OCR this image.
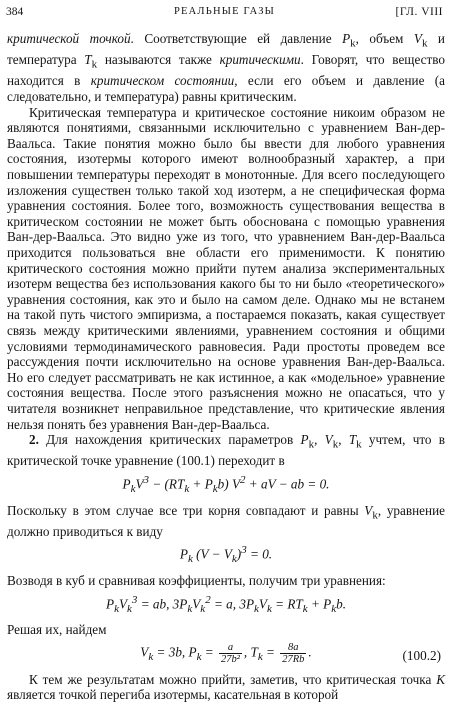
384	РЕАЛЬНЫЕ ГАЗЫ	[ГЛ. VIII

критической точкой. Соответствующие ей давление $P_k$, объем $V_k$ и температура $T_k$ называются также критическими. Говорят, что вещество находится в критическом состоянии, если его объем и давление (а следовательно, и температура) равны критическим.

Критическая температура и критическое состояние никоим образом не являются понятиями, связанными исключительно с уравнением Ван-дер-Ваальса. Такие понятия можно было бы ввести для любого уравнения состояния, изотермы которого имеют волнообразный характер, а при повышении температуры переходят в монотонные. Для всего последующего изложения существен только такой ход изотерм, а не специфическая форма уравнения состояния. Более того, возможность существования вещества в критическом состоянии не может быть обоснована с помощью уравнения Ван-дер-Ваальса. Это видно уже из того, что уравнением Ван-дер-Ваальса приходится пользоваться вне области его применимости. К понятию критического состояния можно прийти путем анализа экспериментальных изотерм вещества без использования какого бы то ни было «теоретического» уравнения состояния, как это и было на самом деле. Однако мы не встанем на такой путь чистого эмпиризма, а постараемся показать, какая существует связь между критическими явлениями, уравнением состояния и общими условиями термодинамического равновесия. Ради простоты проведем все рассуждения почти исключительно на основе уравнения Ван-дер-Ваальса. Но его следует рассматривать не как истинное, а как «модельное» уравнение состояния вещества. После этого разъяснения можно не опасаться, что у читателя возникнет неправильное представление, что критические явления нельзя понять без уравнения Ван-дер-Ваальса.

2. Для нахождения критических параметров $P_k$, $V_k$, $T_k$ учтем, что в критической точке уравнение (100.1) переходит в

$P_kV^3 - (RT_k + P_kb) V^2$ + aV − ab = 0.

Поскольку в этом случае все три корня совпадают и равны $V_k$, уравнение должно приводиться к виду

$P_k$ $(V - V_k)^3 = 0$.

Возводя в куб и сравнивая коэффициенты, получим три уравнения:

$P_kV_k^3$ = ab, $3P_kV_k^2 = a$, $3P_kV_k = RT_k + P_kb$.

Решая их, найдем

$V_k = 3b$, $P_k = \frac{a}{\text{27b²}}$ , $T_k = \frac{8a}{27Rb}$ .	(100.2)

К тем же результатам можно прийти, заметив, что критическая точка K является точкой перегиба изотермы, касательная в которой
